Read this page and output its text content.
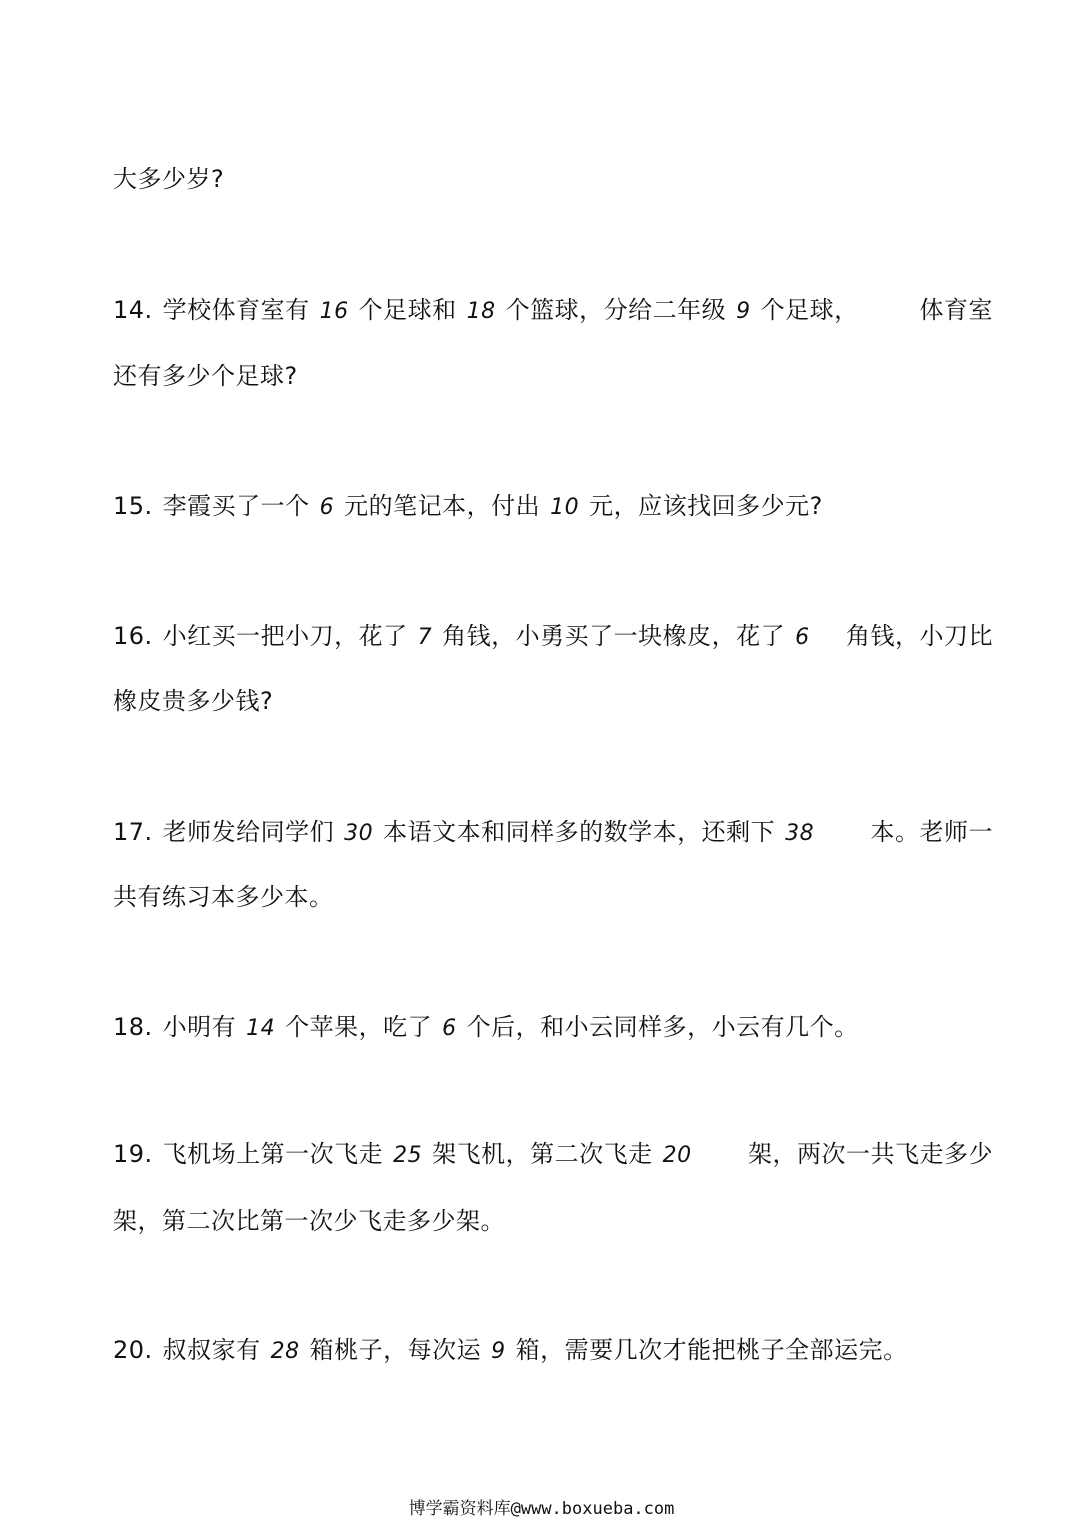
大多少岁?
14. 学校体育室有 16 个足球和 18 个篮球，分给二年级 9 个足球，	体育室
还有多少个足球?
15. 李霞买了一个 6 元的笔记本，付出 10 元，应该找回多少元?
16. 小红买一把小刀，花了 7 角钱，小勇买了一块橡皮，花了 6	角钱，小刀比
橡皮贵多少钱?
17. 老师发给同学们 30 本语文本和同样多的数学本，还剩下 38	本。老师一
共有练习本多少本。
18. 小明有 14 个苹果，吃了 6 个后，和小云同样多，小云有几个。
19. 飞机场上第一次飞走 25 架飞机，第二次飞走 20	架，两次一共飞走多少
架，第二次比第一次少飞走多少架。
20. 叔叔家有 28 箱桃子，每次运 9 箱，需要几次才能把桃子全部运完。
博学霸资料库@www.boxueba.com
